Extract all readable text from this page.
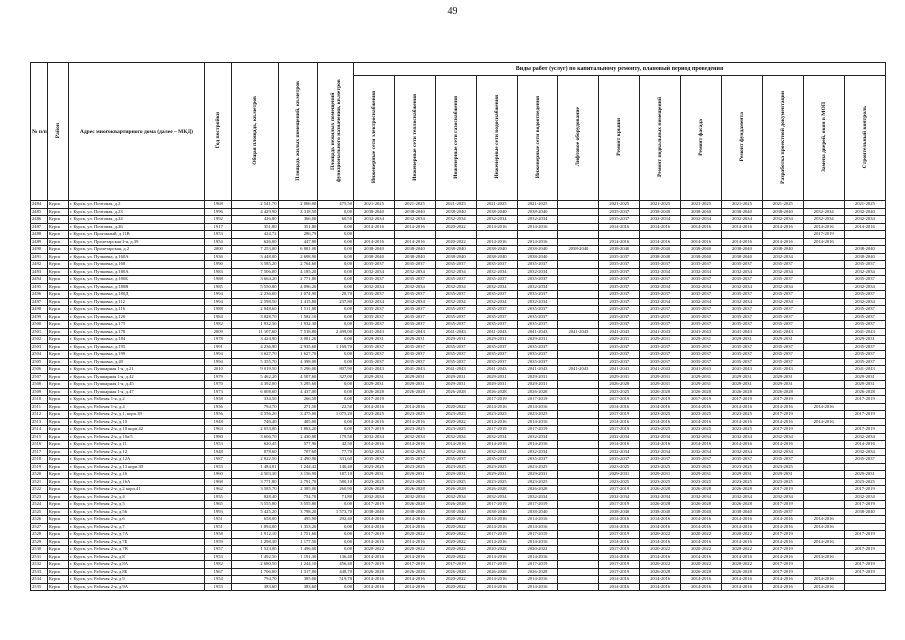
49
№ п/п	Район	Адрес многоквартирного дома (далее – МКД)	Год постройки	Общая площадь, кв.метров	Площадь жилых помещений, кв.метров	Площадь нежилых помещений функционального назначения, кв.метров	Виды работ (услуг) по капитальному ремонту, плановый период проведения												
							Инженерные сети электроснабжения	Инженерные сети теплоснабжения	Инженерные сети газоснабжения	Инженерные сети водоснабжения	Инженерные сети водоотведения	Лифтовое оборудование	Ремонт крыши	Ремонт подвальных помещений	Ремонт фасада	Ремонт фундамента	Разработка проектной документации	Замена дверей, окон в МОП	Строительный контроль
2484	Курск	г. Курск, ул. Почтовая, д.2	1968	2 541,70	2 066,00	475,50	2021-2025	2021-2025	2021-2025	2021-2025	2021-2025		2021-2025	2021-2025	2021-2025	2021-2025	2021-2025		2021-2025
2485	Курск	г. Курск, ул. Почтовая, д.23	1996	4 429,90	3 318,50	0,00	2038-2040	2038-2040	2038-2040	2038-2040	2038-2040		2035-2037	2038-2040	2038-2040	2038-2040	2038-2040	2032-2034	2032-2040
2486	Курск	г. Курск, ул. Почтовая, д.24	1992	426,80	366,00	60,50	2032-2034	2032-2034	2032-2034	2032-2034	2032-2034		2035-2037	2032-2034	2032-2034	2032-2034	2032-2034	2032-2034	2032-2034
2487	Курск	г. Курск, ул. Почтовая, д.26	1917	351,80	351,80	0,00	2014-2016	2014-2016	2020-2022	2014-2016	2014-2016		2014-2016	2014-2016	2014-2016	2014-2016	2014-2016	2014-2016	2014-2016
2488	Курск	г. Курск, ул. Прогонный, д.11В	1953	424,72	286,79	0,00												2017-2019	
2489	Курск	г. Курск, ул. Пролетарская 1-я, д.39	1954	626,00	447,80	0,00	2014-2016	2014-2016	2020-2022	2014-2016	2014-2016		2014-2016	2014-2016	2014-2016	2014-2016	2014-2016	2014-2016	
2490	Курск	г. Курск, ул. Пролетарская, д.2	2000	7 253,00	6 881,00	0,00	2038-2040	2038-2040	2038-2040	2038-2040	2038-2040	2038-2040	2038-2040	2038-2040	2038-2040	2038-2040	2038-2040		2038-2040
2491	Курск	г. Курск, ул. Пучковка, д.160А	1936	3 448,00	2 698,90	0,00	2038-2040	2038-2040	2038-2040	2038-2040	2038-2040		2035-2037	2038-2040	2038-2040	2038-2040	2032-2034		2038-2040
2492	Курск	г. Курск, ул. Пучковка, д.168	1990	3 585,20	2 764,60	0,00	2035-2037	2035-2037	2035-2037	2035-2037	2035-2037		2035-2037	2035-2037	2035-2037	2035-2037	2035-2037		2035-2037
2493	Курск	г. Курск, ул. Пучковка, д.180А	1983	7 506,00	4 185,20	0,00	2032-2034	2032-2034	2032-2034	2032-2034	2032-2034		2035-2037	2032-2034	2032-2034	2032-2034	2032-2034		2032-2034
2494	Курск	г. Курск, ул. Пучковка, д.180Б	1988	3 664,20	2 771,80	0,00	2035-2037	2035-2037	2035-2037	2035-2037	2035-2037		2035-2037	2035-2037	2035-2037	2035-2037	2035-2037		2035-2037
2495	Курск	г. Курск, ул. Пучковка, д.180В	1985	5 550,80	4 096,20	0,00	2032-2034	2032-2034	2032-2034	2032-2034	2032-2034		2035-2037	2032-2034	2032-2034	2032-2034	2032-2034		2032-2034
2496	Курск	г. Курск, ул. Пучковка, д.180Д	1994	2 236,00	1 074,90	28,70	2035-2037	2035-2037	2035-2037	2035-2037	2035-2037		2035-2037	2035-2037	2035-2037	2035-2037	2035-2037		2035-2037
2497	Курск	г. Курск, ул. Пучковка, д.112	1994	2 598,50	1 415,80	237,80	2032-2034	2032-2034	2032-2034	2032-2034	2032-2034		2035-2037	2032-2034	2032-2034	2032-2034	2032-2034		2032-2034
2498	Курск	г. Курск, ул. Пучковка, д.116	1988	2 848,60	1 511,80	0,00	2035-2037	2035-2037	2035-2037	2035-2037	2035-2037		2035-2037	2035-2037	2035-2037	2035-2037	2035-2037		2035-2037
2499	Курск	г. Курск, ул. Пучковка, д.120	1984	3 028,70	1 582,10	0,00	2035-2037	2035-2037	2035-2037	2035-2037	2035-2037		2035-2037	2035-2037	2035-2037	2035-2037	2035-2037		2035-2037
2500	Курск	г. Курск, ул. Пучковка, д.175	1982	1 932,30	1 932,30	0,00	2035-2037	2035-2037	2035-2037	2035-2037	2035-2037		2035-2037	2035-2037	2035-2037	2035-2037	2035-2037		2035-2037
2501	Курск	г. Курск, ул. Пучковка, д.178	2009	11 107,60	7 518,80	2 499,00	2041-2043	2041-2043	2041-2043	2041-2043	2041-2043	2041-2043	2041-2043	2041-2043	2041-2043	2041-2043	2041-2043		2041-2043
2502	Курск	г. Курск, ул. Пучковка, д.184	1978	3 424,90	3 081,20	0,00	2029-2031	2029-2031	2029-2031	2029-2031	2029-2031		2029-2031	2029-2031	2029-2031	2029-2031	2029-2031		2029-2031
2503	Курск	г. Курск, ул. Пучковка, д.195	1991	4 236,90	2 935,60	1 169,70	2035-2037	2035-2037	2035-2037	2035-2037	2035-2037		2035-2037	2035-2037	2035-2037	2035-2037	2035-2037		2035-2037
2504	Курск	г. Курск, ул. Пучковка, д.199	1994	3 627,70	1 627,70	0,00	2035-2037	2035-2037	2035-2037	2035-2037	2035-2037		2035-2037	2035-2037	2035-2037	2035-2037	2035-2037		2035-2037
2505	Курск	г. Курск, ул. Пучковка, д.49	1994	5 355,70	4 398,00	0,00	2035-2037	2035-2037	2035-2037	2035-2037	2035-2037		2035-2037	2035-2037	2035-2037	2035-2037	2035-2037		2035-2037
2506	Курск	г. Курск, ул. Пушкарная 1-я, д.21	2010	9 019,50	5 296,00	807,90	2041-2043	2041-2043	2041-2043	2041-2043	2041-2043	2041-2043	2041-2043	2041-2043	2041-2043	2041-2043	2041-2043		2041-2043
2507	Курск	г. Курск, ул. Пушкарная 1-я, д.42	1979	5 462,20	4 507,60	327,00	2029-2031	2029-2031	2029-2031	2029-2031	2029-2031		2029-2031	2029-2031	2029-2031	2029-2031	2029-2031		2029-2031
2508	Курск	г. Курск, ул. Пушкарная 1-я, д.45	1970	4 392,00	3 295,60	0,00	2029-2031	2029-2031	2029-2031	2029-2031	2029-2031		2026-2028	2029-2031	2029-2031	2029-2031	2029-2031		2029-2031
2509	Курск	г. Курск, ул. Пушкарная 1-я, д.47	1973	6 008,60	4 437,00	0,00	2026-2028	2026-2028	2026-2028	2026-2028	2026-2028		2023-2025	2026-2028	2026-2028	2026-2028	2026-2028		2026-2028
2510	Курск	г. Курск, ул. Рабочая 1-я, д.2	1958	334,50	266,50	0,00	2017-2019			2017-2019	2017-2019		2017-2019	2017-2019	2017-2019	2017-2019	2017-2019		2017-2019
2511	Курск	г. Курск, ул. Рабочая 1-я, д.4	1956	794,70	271,50	22,50	2014-2016	2014-2016	2020-2022	2014-2016	2014-2016		2014-2016	2014-2016	2014-2016	2014-2016	2014-2016	2014-2016	
2512	Курск	г. Курск, ул. Рабочая 2-я, д.1, корп.39	1956	4 556,20	3 475,00	1 075,20	2023-2025	2023-2025	2023-2025	2023-2025	2023-2025		2017-2019	2023-2025	2023-2025	2023-2025	2017-2019		2017-2019
2513	Курск	г. Курск, ул. Рабочая 2-я, д.10	1948	746,40	405,00	0,00	2014-2016	2014-2016	2020-2022	2014-2016	2014-2016		2014-2016	2014-2016	2014-2016	2014-2016	2014-2016	2014-2016	
2514	Курск	г. Курск, ул. Рабочая 2-я, д.10 корп.42	1963	2 053,00	1 863,20	0,00	2017-2019	2023-2025	2023-2025	2017-2019	2017-2019		2017-2019	2023-2025	2023-2025	2023-2025	2017-2019		2017-2019
2515	Курск	г. Курск, ул. Рабочая 2-я, д.10а/5	1980	3 606,70	2 430,80	179,50	2032-2034	2032-2034	2032-2034	2032-2034	2032-2034		2032-2034	2032-2034	2032-2034	2032-2034	2032-2034		2032-2034
2516	Курск	г. Курск, ул. Рабочая 2-я, д.11	1953	620,45	577,96	42,50	2014-2016	2014-2016	2014-2016	2014-2016	2014-2016		2014-2016	2014-2016	2014-2016	2014-2016	2014-2016		2014-2016
2517	Курск	г. Курск, ул. Рабочая 2-я, д.12	1948	878,60	707,60	77,70	2032-2034	2032-2034	2032-2034	2032-2034	2032-2034		2032-2034	2032-2034	2032-2034	2032-2034	2032-2034		2032-2034
2518	Курск	г. Курск, ул. Рабочая 2-я, д.12А	1987	2 822,50	2 490,90	331,60	2035-2037	2035-2037	2035-2037	2035-2037	2035-2037		2035-2037	2035-2037	2035-2037	2035-2037	2035-2037		2035-2037
2519	Курск	г. Курск, ул. Рабочая 2-я, д.13 корп.30	1953	1 484,81	1 244,42	140,40	2023-2025	2023-2025	2023-2025	2023-2025	2023-2025		2023-2025	2023-2025	2023-2025	2023-2025	2023-2025		
2520	Курск	г. Курск, ул. Рабочая 2-я, д.16	1960	4 503,30	3 156,90	187,10	2029-2031	2029-2031	2029-2031	2029-2031	2029-2031		2029-2031	2029-2031	2029-2031	2029-2031	2029-2031		2029-2031
2521	Курск	г. Курск, ул. Рабочая 2-я, д.16А	1968	3 771,80	2 791,70	580,10	2023-2025	2023-2025	2023-2025	2023-2025	2023-2025		2023-2025	2023-2025	2023-2025	2023-2025	2023-2025		2023-2025
2522	Курск	г. Курск, ул. Рабочая 2-я, д.2 корп.41	1962	3 585,70	2 385,00	260,90	2026-2028	2026-2028	2026-2028	2026-2028	2026-2028		2017-2019	2026-2028	2026-2028	2026-2028	2017-2019		2017-2019
2523	Курск	г. Курск, ул. Рабочая 2-я, д.4	1955	828,40	754,70	71,80	2032-2034	2032-2034	2032-2034	2032-2034	2032-2034		2032-2034	2032-2034	2032-2034	2032-2034	2032-2034		2032-2034
2524	Курск	г. Курск, ул. Рабочая 2-я, д.5	1965	3 555,80	3 555,80	0,00	2017-2019	2026-2028	2026-2028	2017-2019	2017-2019		2017-2019	2026-2028	2026-2028	2026-2028	2017-2019		2017-2019
2525	Курск	г. Курск, ул. Рабочая 2-я, д.56	1993	5 425,20	3 798,20	1 573,70	2038-2040	2038-2040	2038-2040	2038-2040	2038-2040		2038-2040	2038-2040	2038-2040	2038-2040	2035-2037		2038-2040
2526	Курск	г. Курск, ул. Рабочая 2-я, д.6	1951	658,00	495,90	292,40	2014-2016	2014-2016	2020-2022	2014-2016	2014-2016		2014-2016	2014-2016	2014-2016	2014-2016	2014-2016	2014-2016	
2527	Курск	г. Курск, ул. Рабочая 2-я, д.7	1951	1 894,00	1 353,20	0,00	2014-2016	2014-2016	2020-2022	2014-2016	2014-2016		2014-2016	2014-2016	2014-2016	2014-2016	2014-2016	2014-2016	
2528	Курск	г. Курск, ул. Рабочая 2-я, д.7А	1958	1 912,10	1 751,60	0,00	2017-2019	2020-2022	2020-2022	2017-2019	2017-2019		2017-2019	2020-2022	2020-2022	2020-2022	2017-2019		2017-2019
2529	Курск	г. Курск, ул. Рабочая 2-я, д.7Б	1959	1 298,30	1 177,50	0,00	2014-2016	2014-2016	2020-2022	2014-2016	2014-2016		2014-2016	2014-2016	2014-2016	2014-2016	2014-2016	2014-2016	
2530	Курск	г. Курск, ул. Рабочая 2-я, д.7В	1957	1 523,00	1 496,00	0,00	2020-2022	2020-2022	2020-2022	2020-2022	2020-2022		2017-2019	2020-2022	2020-2022	2020-2022	2017-2019		2017-2019
2531	Курск	г. Курск, ул. Рабочая 2-я, д.8	1953	1 492,50	1 191,30	136,40	2014-2016	2014-2016	2020-2022	2014-2016	2014-2016		2014-2016	2014-2016	2014-2016	2014-2016	2014-2016	2014-2016	
2532	Курск	г. Курск, ул. Рабочая 2-я, д.8А	1982	2 680,50	1 244,10	456,40	2017-2019	2017-2019	2017-2019	2017-2019	2017-2019		2017-2019	2020-2022	2020-2022	2020-2022	2017-2019		2017-2019
2533	Курск	г. Курск, ул. Рабочая 2-я, д.8Б	1967	1 706,00	1 317,00	448,70	2026-2028	2026-2028	2026-2028	2026-2028	2026-2028		2017-2019	2026-2028	2026-2028	2026-2028	2017-2019		2017-2019
2534	Курск	г. Курск, ул. Рабочая 2-я, д.9	1954	794,70	385,00	519,78	2014-2016	2014-2016	2020-2022	2014-2016	2014-2016		2014-2016	2014-2016	2014-2016	2014-2016	2014-2016	2014-2016	
2535	Курск	г. Курск, ул. Рабочая 2-я, д.9А	1953	383,60	383,60	0,00	2014-2016	2014-2016	2020-2022	2014-2016	2014-2016		2014-2016	2014-2016	2014-2016	2014-2016	2014-2016	2014-2016	
